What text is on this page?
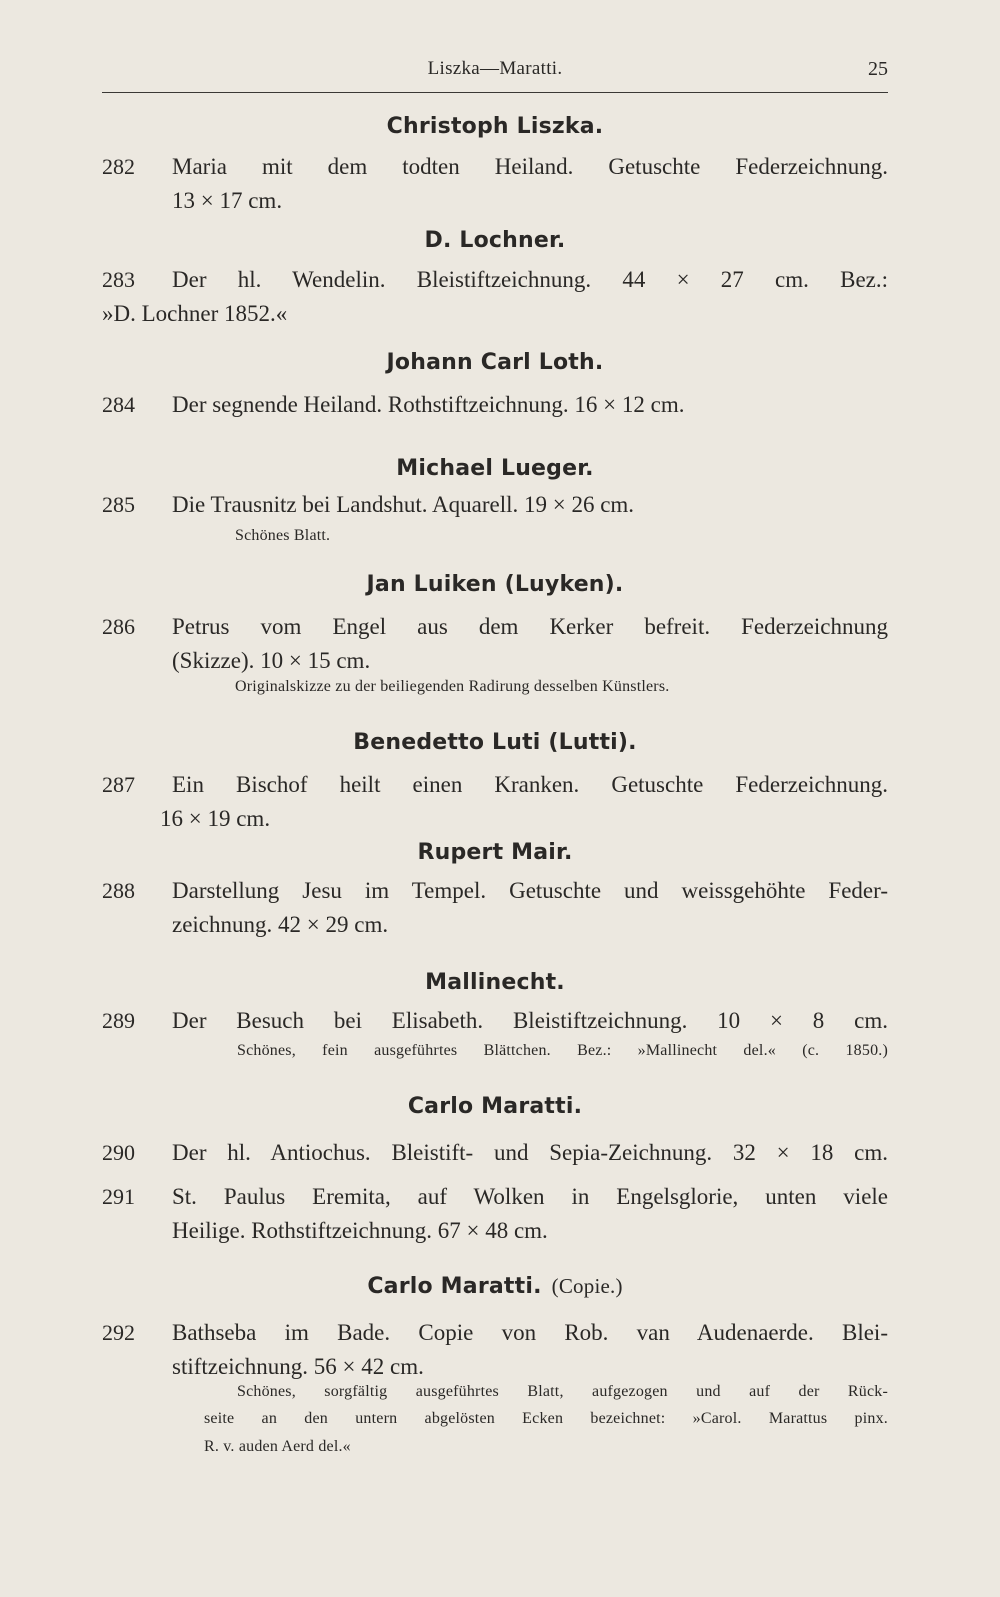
Liszka—Maratti.	25
Christoph Liszka.
282 Maria mit dem todten Heiland. Getuschte Federzeichnung.
13 × 17 cm.
D. Lochner.
283 Der hl. Wendelin. Bleistiftzeichnung. 44 × 27 cm. Bez.:
»D. Lochner 1852.«
Johann Carl Loth.
284 Der segnende Heiland. Rothstiftzeichnung. 16 × 12 cm.
Michael Lueger.
285 Die Trausnitz bei Landshut. Aquarell. 19 × 26 cm.
Schönes Blatt.
Jan Luiken (Luyken).
286 Petrus vom Engel aus dem Kerker befreit. Federzeichnung
(Skizze). 10 × 15 cm.
Originalskizze zu der beiliegenden Radirung desselben Künstlers.
Benedetto Luti (Lutti).
287 Ein Bischof heilt einen Kranken. Getuschte Federzeichnung.
16 × 19 cm.
Rupert Mair.
288 Darstellung Jesu im Tempel. Getuschte und weissgehöhte Feder-
zeichnung. 42 × 29 cm.
Mallinecht.
289 Der Besuch bei Elisabeth. Bleistiftzeichnung. 10 × 8 cm.
Schönes, fein ausgeführtes Blättchen. Bez.: »Mallinecht del.« (c. 1850.)
Carlo Maratti.
290 Der hl. Antiochus. Bleistift- und Sepia-Zeichnung. 32 × 18 cm.
291 St. Paulus Eremita, auf Wolken in Engelsglorie, unten viele
Heilige. Rothstiftzeichnung. 67 × 48 cm.
Carlo Maratti. (Copie.)
292 Bathseba im Bade. Copie von Rob. van Audenaerde. Blei-
stiftzeichnung. 56 × 42 cm.
Schönes, sorgfältig ausgeführtes Blatt, aufgezogen und auf der Rück-
seite an den untern abgelösten Ecken bezeichnet: »Carol. Marattus pinx.
R. v. auden Aerd del.«
